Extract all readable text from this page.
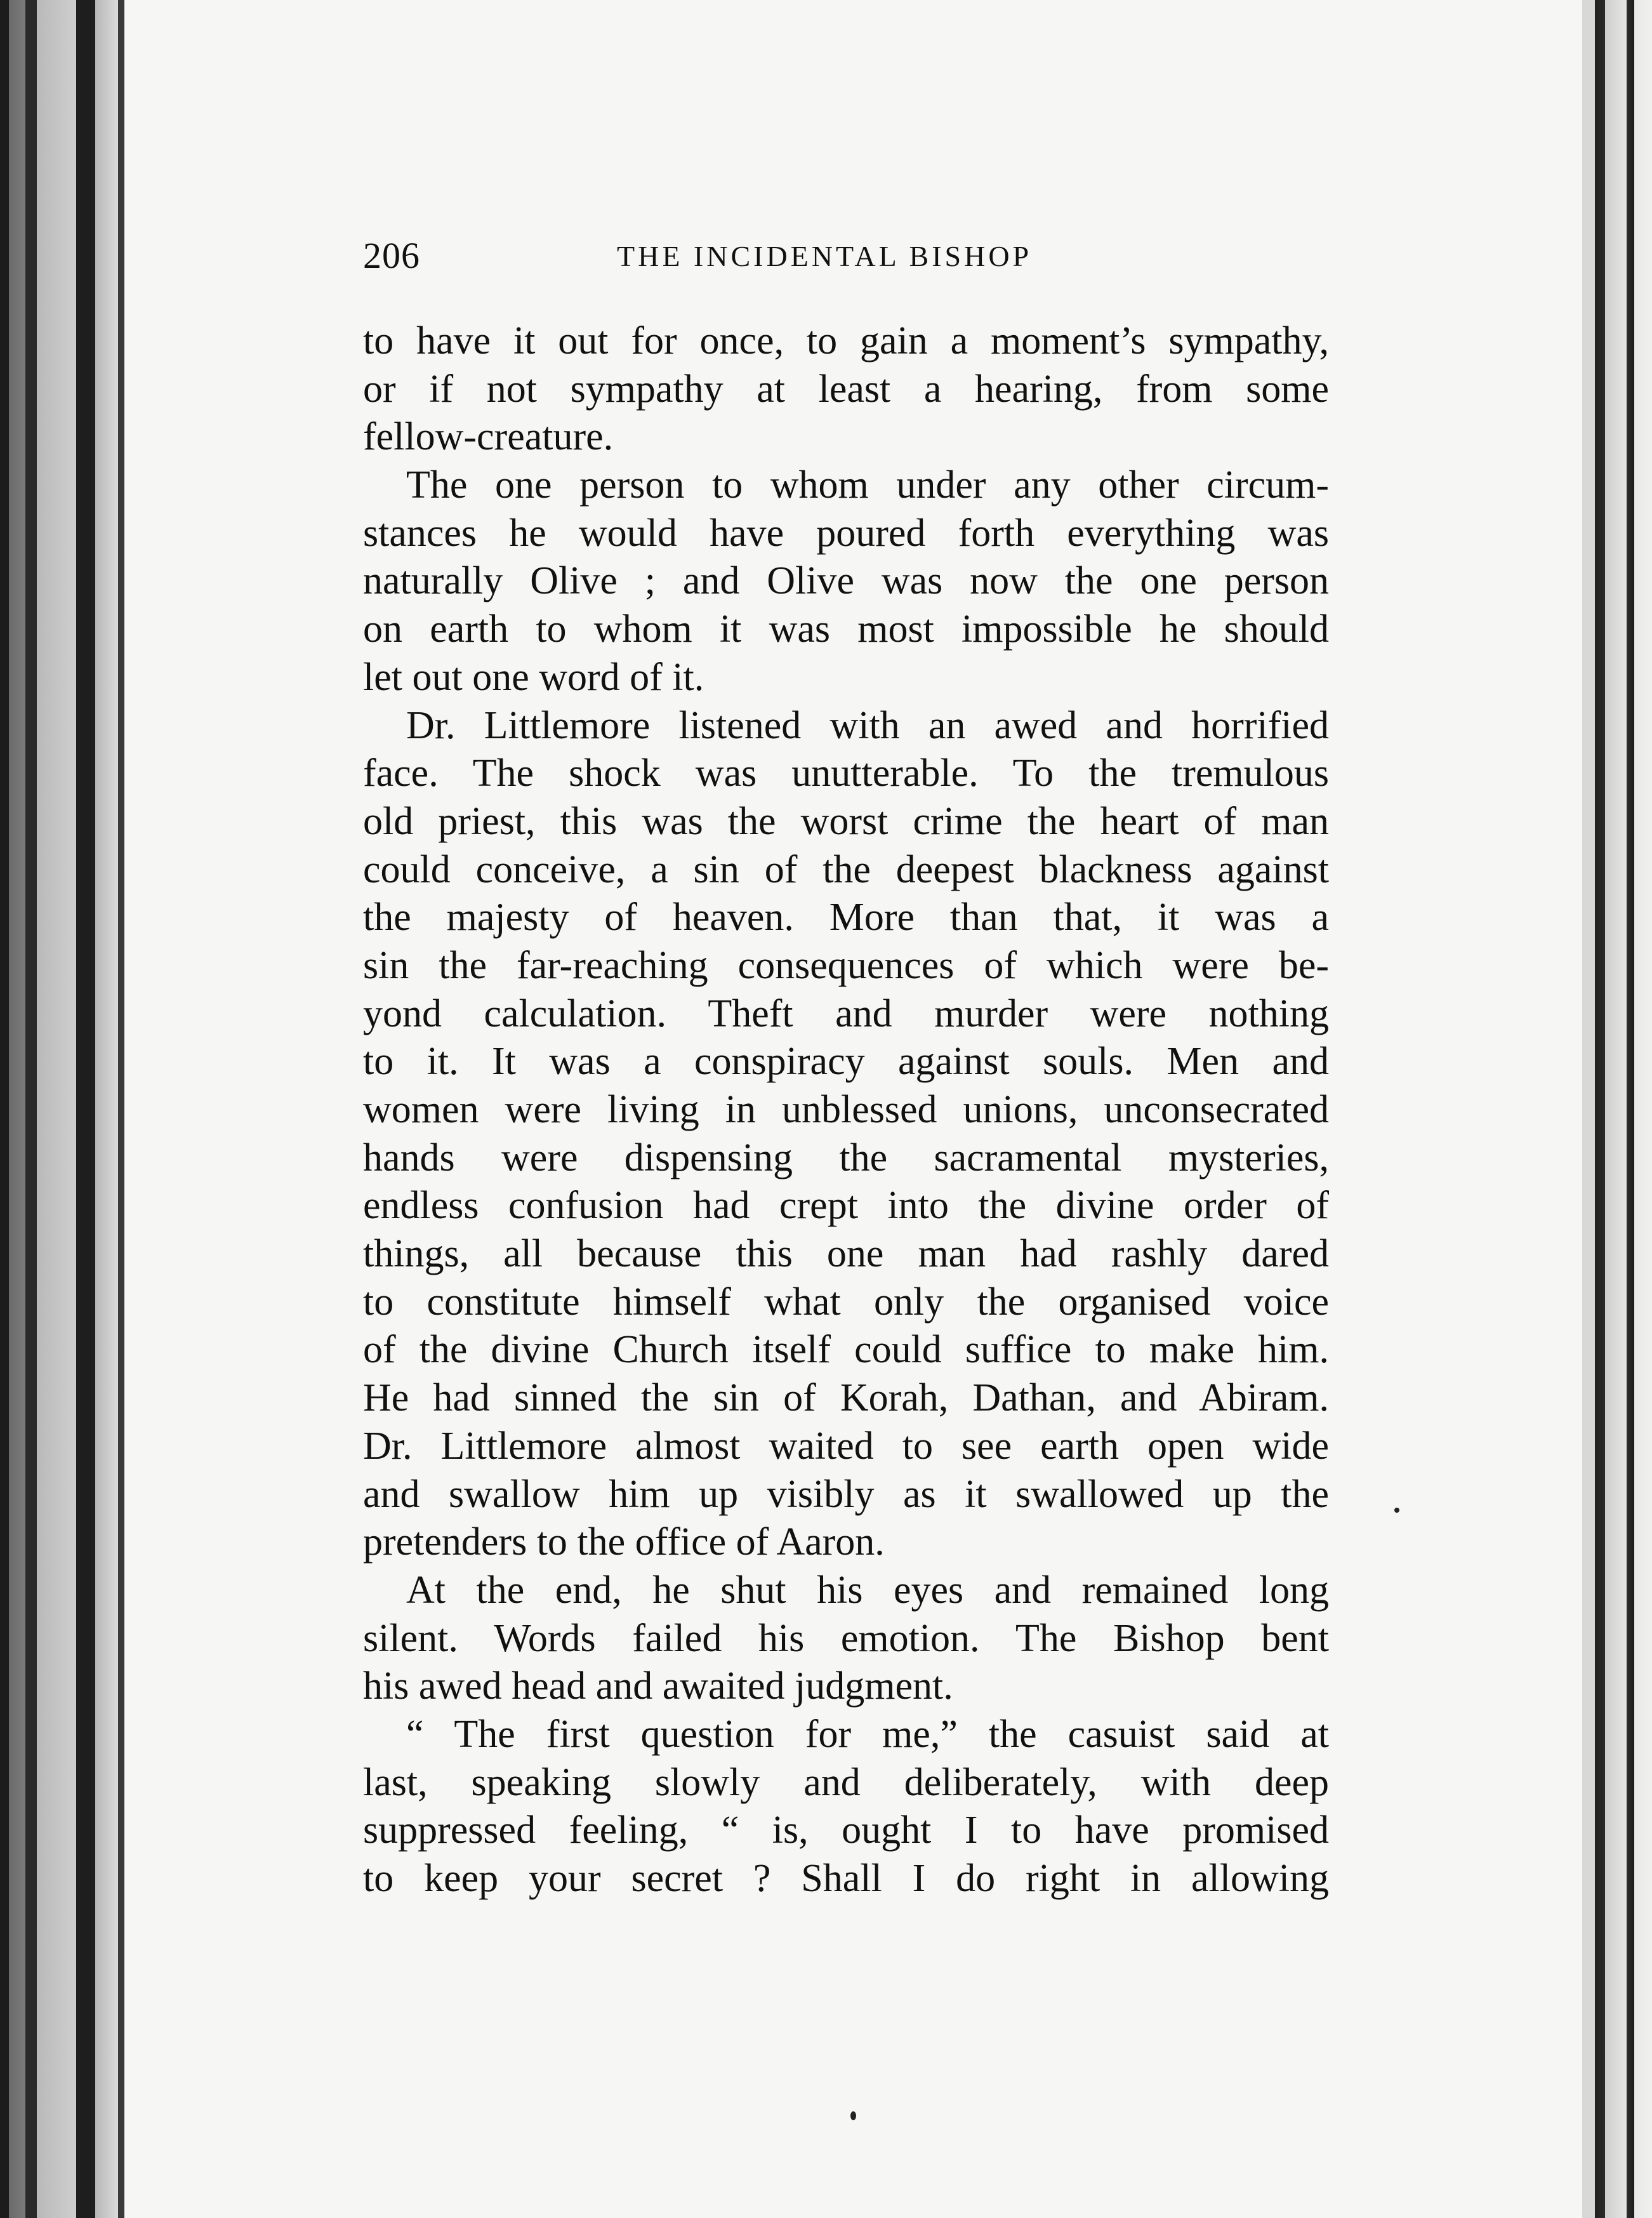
206	THE INCIDENTAL BISHOP
to have it out for once, to gain a moment’s sympathy,
or if not sympathy at least a hearing, from some
fellow-creature.
The one person to whom under any other circum-
stances he would have poured forth everything was
naturally Olive ; and Olive was now the one person
on earth to whom it was most impossible he should
let out one word of it.
Dr. Littlemore listened with an awed and horrified
face. The shock was unutterable. To the tremulous
old priest, this was the worst crime the heart of man
could conceive, a sin of the deepest blackness against
the majesty of heaven. More than that, it was a
sin the far-reaching consequences of which were be-
yond calculation. Theft and murder were nothing
to it. It was a conspiracy against souls. Men and
women were living in unblessed unions, unconsecrated
hands were dispensing the sacramental mysteries,
endless confusion had crept into the divine order of
things, all because this one man had rashly dared
to constitute himself what only the organised voice
of the divine Church itself could suffice to make him.
He had sinned the sin of Korah, Dathan, and Abiram.
Dr. Littlemore almost waited to see earth open wide
and swallow him up visibly as it swallowed up the
pretenders to the office of Aaron.
At the end, he shut his eyes and remained long
silent. Words failed his emotion. The Bishop bent
his awed head and awaited judgment.
“ The first question for me,” the casuist said at
last, speaking slowly and deliberately, with deep
suppressed feeling, “ is, ought I to have promised
to keep your secret ? Shall I do right in allowing
